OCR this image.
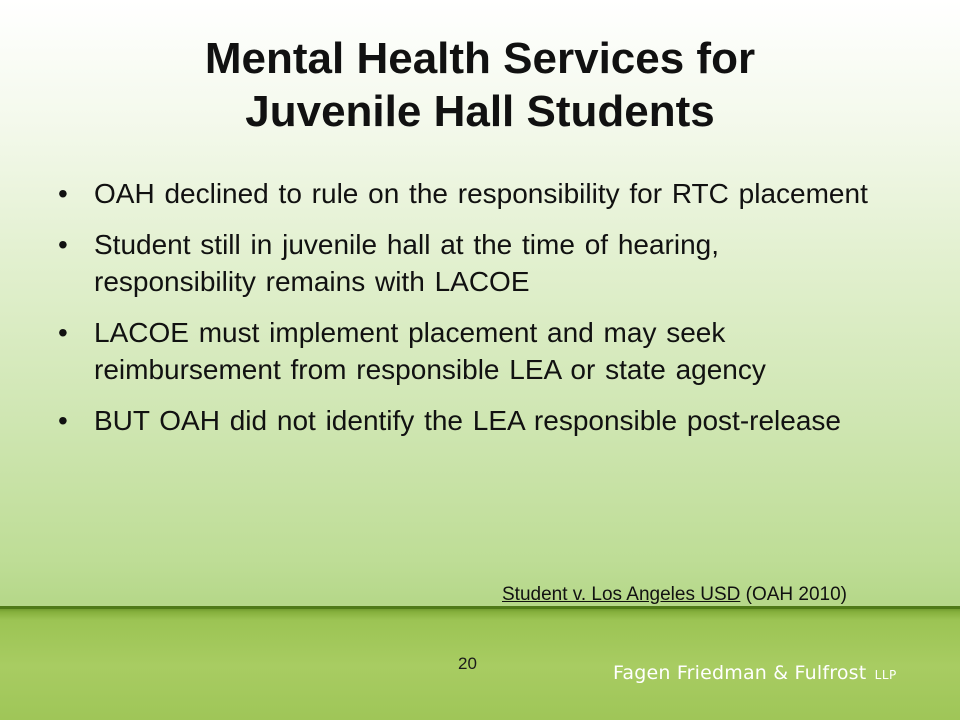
Mental Health Services for
Juvenile Hall Students
• OAH declined to rule on the responsibility for RTC placement
• Student still in juvenile hall at the time of hearing, responsibility remains with LACOE
• LACOE must implement placement and may seek reimbursement from responsible LEA or state agency
• BUT OAH did not identify the LEA responsible post-release
Student v. Los Angeles USD (OAH 2010)
20	Fagen Friedman & Fulfrost LLP
